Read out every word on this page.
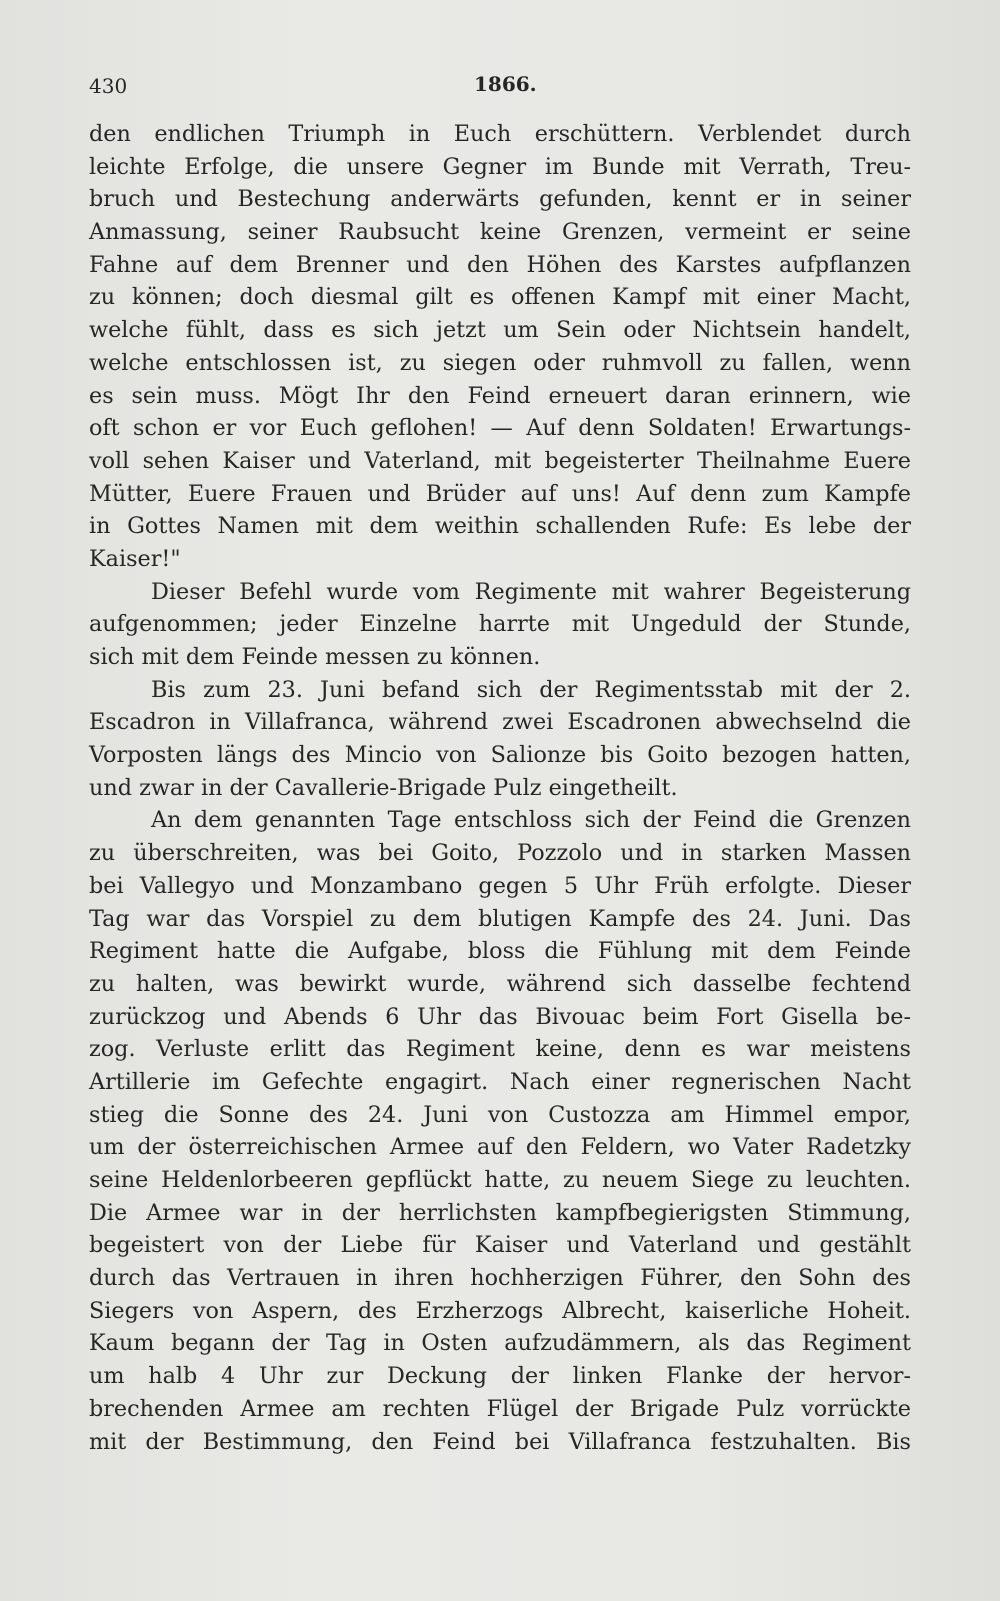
430	1866.
den endlichen Triumph in Euch erschüttern. Verblendet durch
leichte Erfolge, die unsere Gegner im Bunde mit Verrath, Treu-
bruch und Bestechung anderwärts gefunden, kennt er in seiner
Anmassung, seiner Raubsucht keine Grenzen, vermeint er seine
Fahne auf dem Brenner und den Höhen des Karstes aufpflanzen
zu können; doch diesmal gilt es offenen Kampf mit einer Macht,
welche fühlt, dass es sich jetzt um Sein oder Nichtsein handelt,
welche entschlossen ist, zu siegen oder ruhmvoll zu fallen, wenn
es sein muss. Mögt Ihr den Feind erneuert daran erinnern, wie
oft schon er vor Euch geflohen! — Auf denn Soldaten! Erwartungs-
voll sehen Kaiser und Vaterland, mit begeisterter Theilnahme Euere
Mütter, Euere Frauen und Brüder auf uns! Auf denn zum Kampfe
in Gottes Namen mit dem weithin schallenden Rufe: Es lebe der
Kaiser!"
Dieser Befehl wurde vom Regimente mit wahrer Begeisterung
aufgenommen; jeder Einzelne harrte mit Ungeduld der Stunde,
sich mit dem Feinde messen zu können.
Bis zum 23. Juni befand sich der Regimentsstab mit der 2.
Escadron in Villafranca, während zwei Escadronen abwechselnd die
Vorposten längs des Mincio von Salionze bis Goito bezogen hatten,
und zwar in der Cavallerie-Brigade Pulz eingetheilt.
An dem genannten Tage entschloss sich der Feind die Grenzen
zu überschreiten, was bei Goito, Pozzolo und in starken Massen
bei Vallegyo und Monzambano gegen 5 Uhr Früh erfolgte. Dieser
Tag war das Vorspiel zu dem blutigen Kampfe des 24. Juni. Das
Regiment hatte die Aufgabe, bloss die Fühlung mit dem Feinde
zu halten, was bewirkt wurde, während sich dasselbe fechtend
zurückzog und Abends 6 Uhr das Bivouac beim Fort Gisella be-
zog. Verluste erlitt das Regiment keine, denn es war meistens
Artillerie im Gefechte engagirt. Nach einer regnerischen Nacht
stieg die Sonne des 24. Juni von Custozza am Himmel empor,
um der österreichischen Armee auf den Feldern, wo Vater Radetzky
seine Heldenlorbeeren gepflückt hatte, zu neuem Siege zu leuchten.
Die Armee war in der herrlichsten kampfbegierigsten Stimmung,
begeistert von der Liebe für Kaiser und Vaterland und gestählt
durch das Vertrauen in ihren hochherzigen Führer, den Sohn des
Siegers von Aspern, des Erzherzogs Albrecht, kaiserliche Hoheit.
Kaum begann der Tag in Osten aufzudämmern, als das Regiment
um halb 4 Uhr zur Deckung der linken Flanke der hervor-
brechenden Armee am rechten Flügel der Brigade Pulz vorrückte
mit der Bestimmung, den Feind bei Villafranca festzuhalten. Bis
